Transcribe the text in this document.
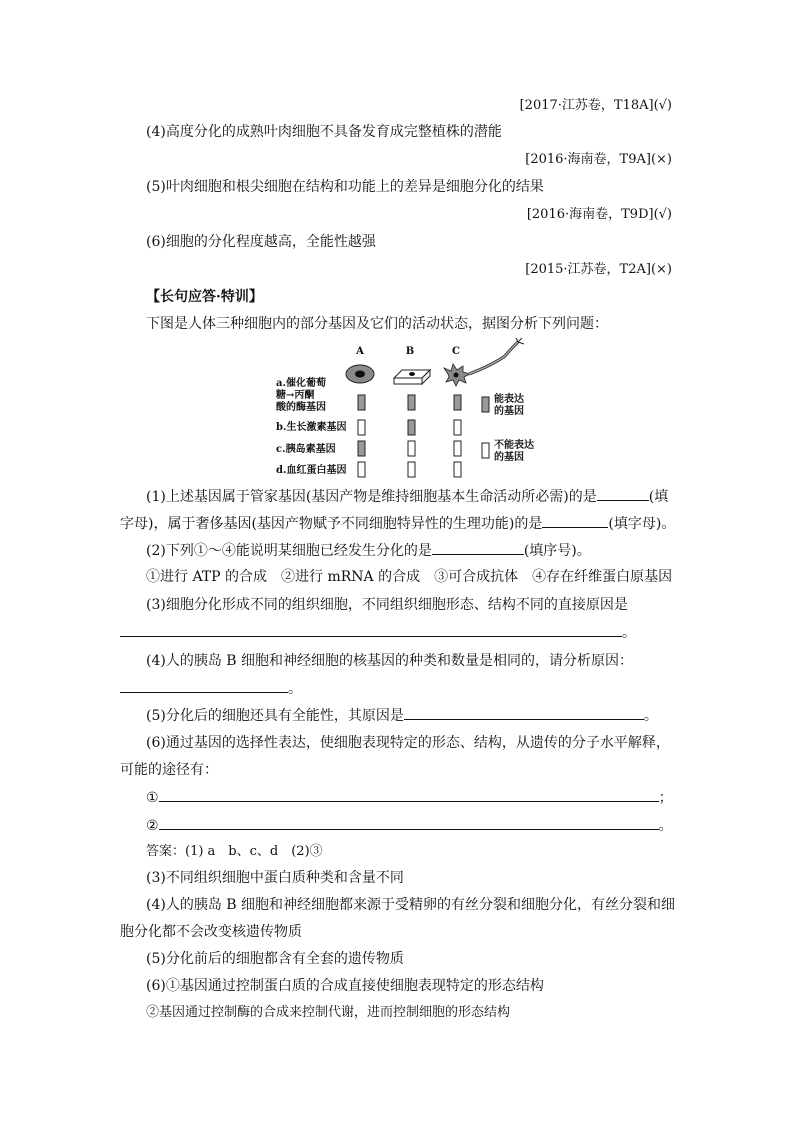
[2017·江苏卷，T18A](√)
(4)高度分化的成熟叶肉细胞不具备发育成完整植株的潜能
[2016·海南卷，T9A](×)
(5)叶肉细胞和根尖细胞在结构和功能上的差异是细胞分化的结果
[2016·海南卷，T9D](√)
(6)细胞的分化程度越高，全能性越强
[2015·江苏卷，T2A](×)
【长句应答·特训】
下图是人体三种细胞内的部分基因及它们的活动状态，据图分析下列问题：
A	B	C
a.催化葡萄
糖→丙酮
酸的酶基因
b.生长激素基因
c.胰岛素基因
d.血红蛋白基因
能表达
的基因
不能表达
的基因
(1)上述基因属于管家基因(基因产物是维持细胞基本生命活动所必需)的是	(填
字母)，属于奢侈基因(基因产物赋予不同细胞特异性的生理功能)的是	(填字母)。
(2)下列①～④能说明某细胞已经发生分化的是	(填序号)。
①进行 ATP 的合成　②进行 mRNA 的合成　③可合成抗体　④存在纤维蛋白原基因
(3)细胞分化形成不同的组织细胞，不同组织细胞形态、结构不同的直接原因是
。
(4)人的胰岛 B 细胞和神经细胞的核基因的种类和数量是相同的，请分析原因：
。
(5)分化后的细胞还具有全能性，其原因是	。
(6)通过基因的选择性表达，使细胞表现特定的形态、结构，从遗传的分子水平解释，
可能的途径有：
①	；
②	。
答案：(1) a　b、c、d　(2)③
(3)不同组织细胞中蛋白质种类和含量不同
(4)人的胰岛 B 细胞和神经细胞都来源于受精卵的有丝分裂和细胞分化，有丝分裂和细
胞分化都不会改变核遗传物质
(5)分化前后的细胞都含有全套的遗传物质
(6)①基因通过控制蛋白质的合成直接使细胞表现特定的形态结构
②基因通过控制酶的合成来控制代谢，进而控制细胞的形态结构
